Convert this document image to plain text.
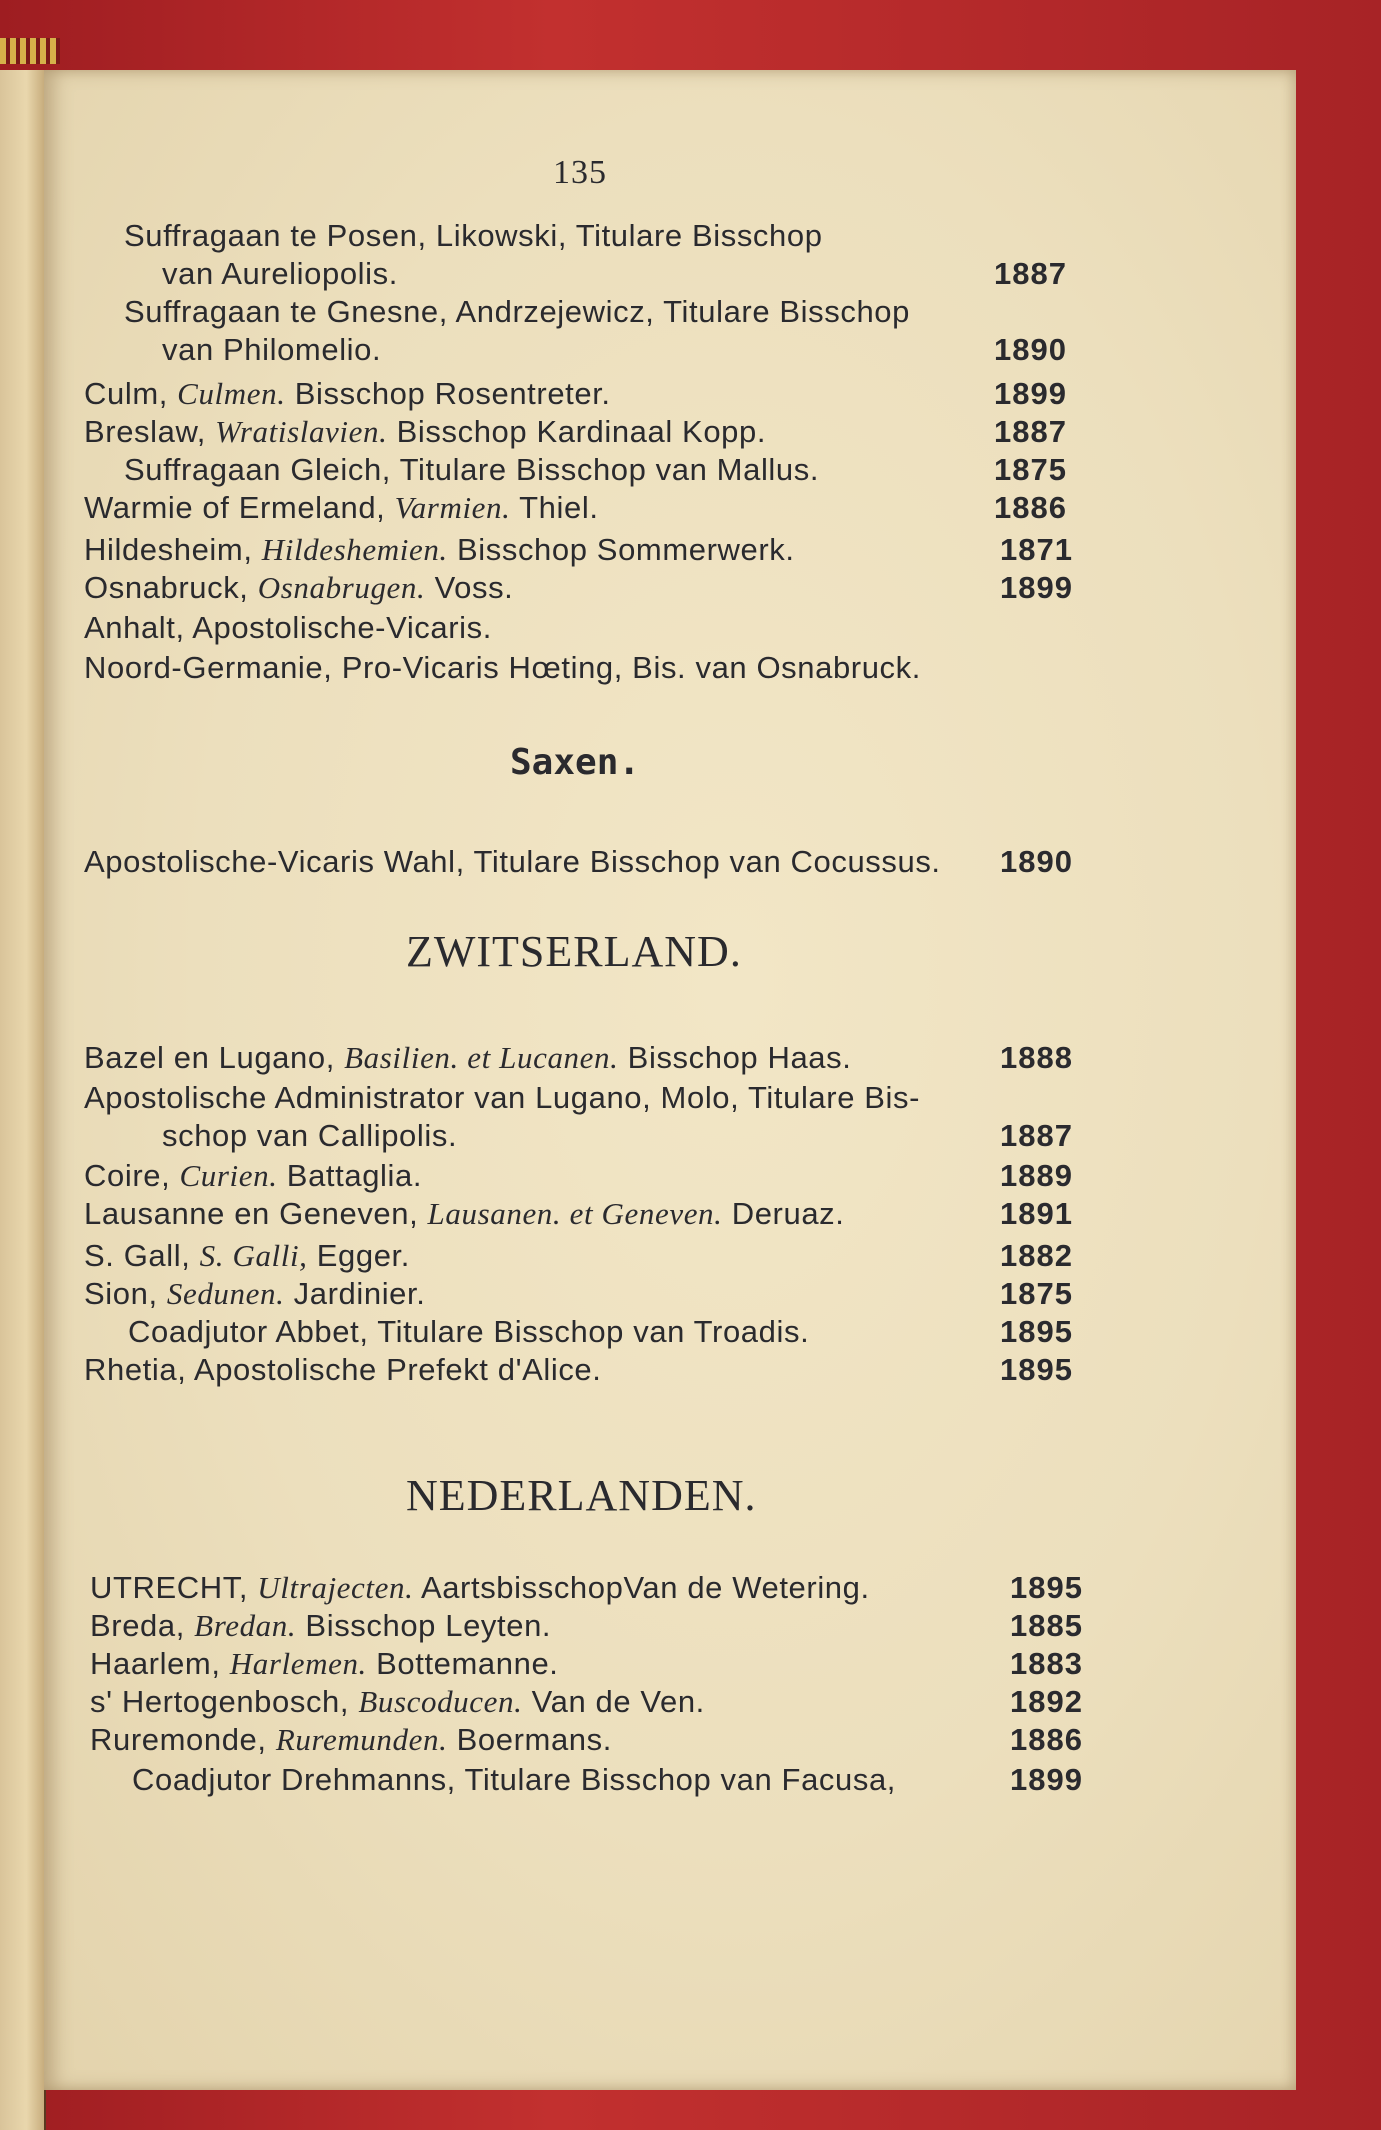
135
Suffragaan te Posen, Likowski, Titulare Bisschop
van Aureliopolis.	1887
Suffragaan te Gnesne, Andrzejewicz, Titulare Bisschop
van Philomelio.	1890
Culm, Culmen. Bisschop Rosentreter.	1899
Breslaw, Wratislavien. Bisschop Kardinaal Kopp.	1887
Suffragaan Gleich, Titulare Bisschop van Mallus.	1875
Warmie of Ermeland, Varmien. Thiel.	1886
Hildesheim, Hildeshemien. Bisschop Sommerwerk.	1871
Osnabruck, Osnabrugen. Voss.	1899
Anhalt, Apostolische-Vicaris.
Noord-Germanie, Pro-Vicaris Hœting, Bis. van Osnabruck.
Saxen.
Apostolische-Vicaris Wahl, Titulare Bisschop van Cocussus. 1890
ZWITSERLAND.
Bazel en Lugano, Basilien. et Lucanen. Bisschop Haas.	1888
Apostolische Administrator van Lugano, Molo, Titulare Bis-
schop van Callipolis.	1887
Coire, Curien. Battaglia.	1889
Lausanne en Geneven, Lausanen. et Geneven. Deruaz.	1891
S. Gall, S. Galli, Egger.	1882
Sion, Sedunen. Jardinier.	1875
Coadjutor Abbet, Titulare Bisschop van Troadis.	1895
Rhetia, Apostolische Prefekt d'Alice.	1895
NEDERLANDEN.
UTRECHT, Ultrajecten. AartsbisschopVan de Wetering.	1895
Breda, Bredan. Bisschop Leyten.	1885
Haarlem, Harlemen. Bottemanne.	1883
s' Hertogenbosch, Buscoducen. Van de Ven.	1892
Ruremonde, Ruremunden. Boermans.	1886
Coadjutor Drehmanns, Titulare Bisschop van Facusa,	1899
